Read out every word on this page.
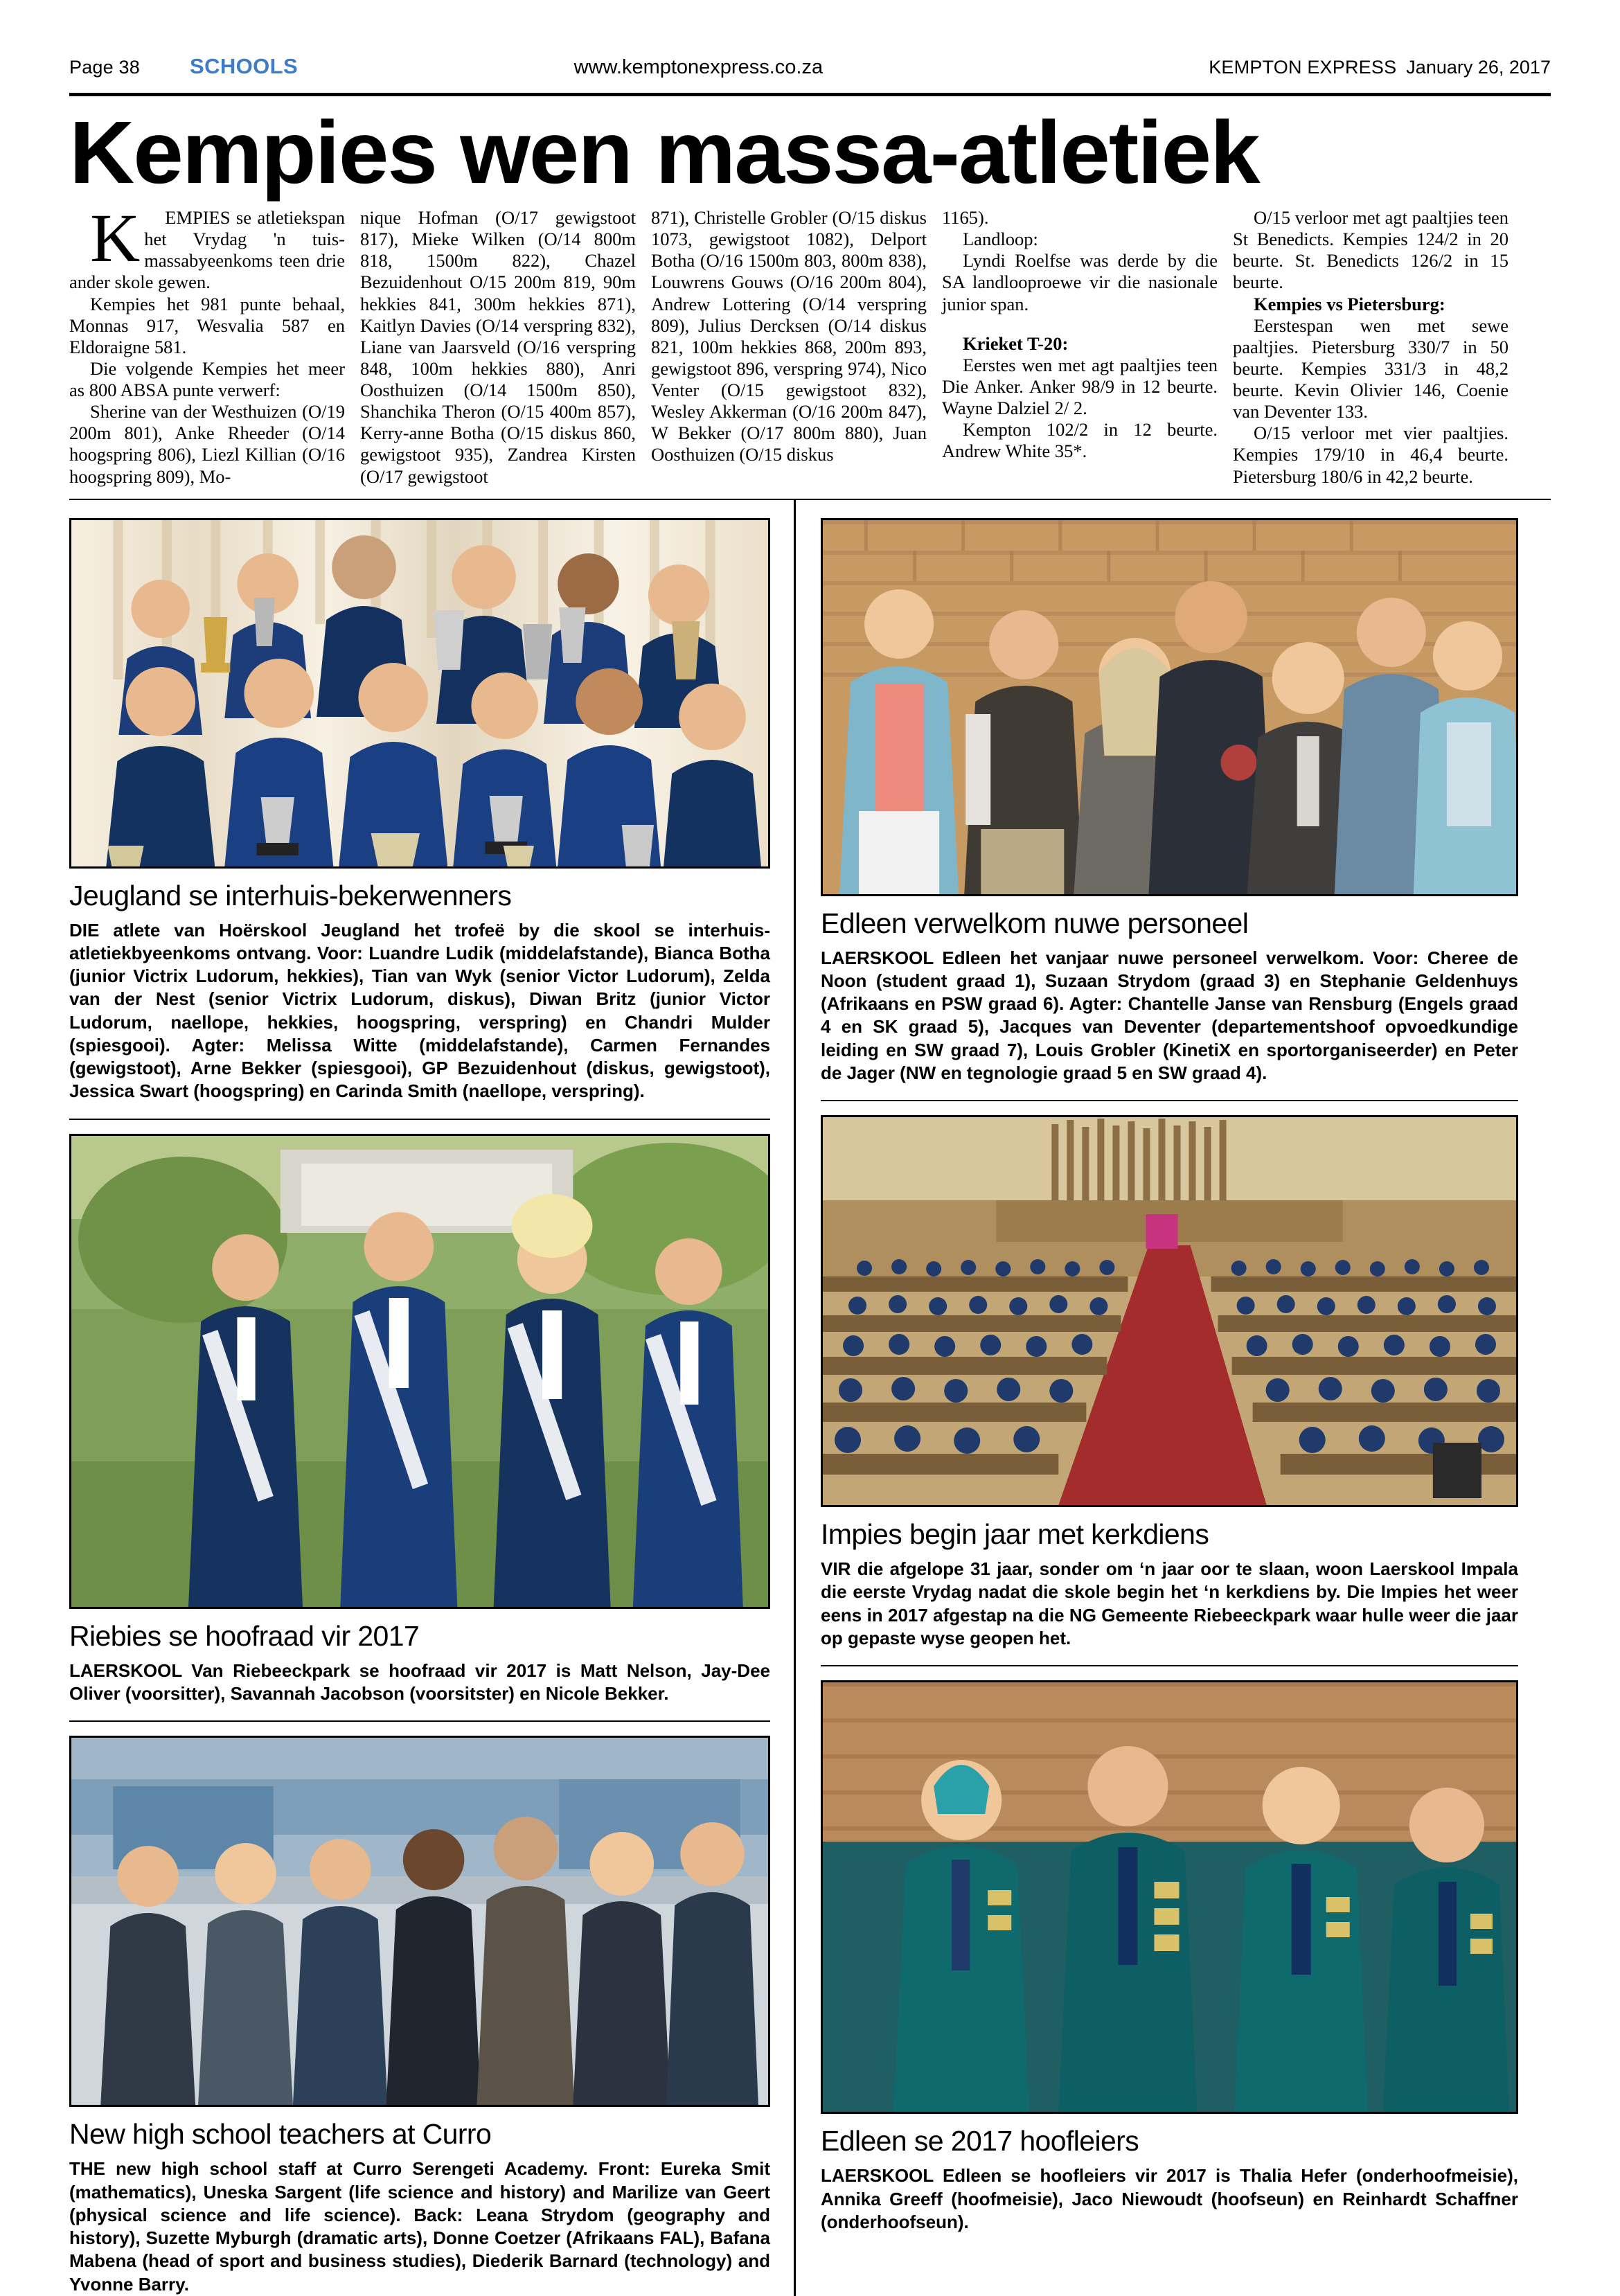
Page 38 SCHOOLS	www.kemptonexpress.co.za	KEMPTON EXPRESS January 26, 2017
Kempies wen massa-atletiek

KEMPIES se atletiekspan het Vrydag 'n tuis-massabyeenkoms teen drie ander skole gewen.

Kempies het 981 punte behaal, Monnas 917, Wesvalia 587 en Eldoraigne 581.

Die volgende Kempies het meer as 800 ABSA punte verwerf:

Sherine van der Westhuizen (O/19 200m 801), Anke Rheeder (O/14 hoogspring 806), Liezl Killian (O/16 hoogspring 809), Mo-

nique Hofman (O/17 gewigstoot 817), Mieke Wilken (O/14 800m 818, 1500m 822), Chazel Bezuidenhout O/15 200m 819, 90m hekkies 841, 300m hekkies 871), Kaitlyn Davies (O/14 verspring 832), Liane van Jaarsveld (O/16 verspring 848, 100m hekkies 880), Anri Oosthuizen (O/14 1500m 850), Shanchika Theron (O/15 400m 857), Kerry-anne Botha (O/15 diskus 860, gewigstoot 935), Zandrea Kirsten (O/17 gewigstoot

871), Christelle Grobler (O/15 diskus 1073, gewigstoot 1082), Delport Botha (O/16 1500m 803, 800m 838), Louwrens Gouws (O/16 200m 804), Andrew Lottering (O/14 verspring 809), Julius Dercksen (O/14 diskus 821, 100m hekkies 868, 200m 893, gewigstoot 896, verspring 974), Nico Venter (O/15 gewigstoot 832), Wesley Akkerman (O/16 200m 847), W Bekker (O/17 800m 880), Juan Oosthuizen (O/15 diskus

1165).

Landloop:

Lyndi Roelfse was derde by die SA landlooproewe vir die nasionale junior span.

Krieket T-20:

Eerstes wen met agt paaltjies teen Die Anker. Anker 98/9 in 12 beurte. Wayne Dalziel 2/ 2.

Kempton 102/2 in 12 beurte. Andrew White 35*.

O/15 verloor met agt paaltjies teen St Benedicts. Kempies 124/2 in 20 beurte. St. Benedicts 126/2 in 15 beurte.

Kempies vs Pietersburg:

Eerstespan wen met sewe paaltjies. Pietersburg 330/7 in 50 beurte. Kempies 331/3 in 48,2 beurte. Kevin Olivier 146, Coenie van Deventer 133.

O/15 verloor met vier paaltjies. Kempies 179/10 in 46,4 beurte. Pietersburg 180/6 in 42,2 beurte.

Jeugland se interhuis-bekerwenners

DIE atlete van Hoërskool Jeugland het trofeë by die skool se interhuis-atletiekbyeenkoms ontvang. Voor: Luandre Ludik (middelafstande), Bianca Botha (junior Victrix Ludorum, hekkies), Tian van Wyk (senior Victor Ludorum), Zelda van der Nest (senior Victrix Ludorum, diskus), Diwan Britz (junior Victor Ludorum, naellope, hekkies, hoogspring, verspring) en Chandri Mulder (spiesgooi). Agter: Melissa Witte (middelafstande), Carmen Fernandes (gewigstoot), Arne Bekker (spiesgooi), GP Bezuidenhout (diskus, gewigstoot), Jessica Swart (hoogspring) en Carinda Smith (naellope, verspring).

Riebies se hoofraad vir 2017

LAERSKOOL Van Riebeeckpark se hoofraad vir 2017 is Matt Nelson, Jay-Dee Oliver (voorsitter), Savannah Jacobson (voorsitster) en Nicole Bekker.

New high school teachers at Curro

THE new high school staff at Curro Serengeti Academy. Front: Eureka Smit (mathematics), Uneska Sargent (life science and history) and Marilize van Geert (physical science and life science). Back: Leana Strydom (geography and history), Suzette Myburgh (dramatic arts), Donne Coetzer (Afrikaans FAL), Bafana Mabena (head of sport and business studies), Diederik Barnard (technology) and Yvonne Barry.

Edleen verwelkom nuwe personeel

LAERSKOOL Edleen het vanjaar nuwe personeel verwelkom. Voor: Cheree de Noon (student graad 1), Suzaan Strydom (graad 3) en Stephanie Geldenhuys (Afrikaans en PSW graad 6). Agter: Chantelle Janse van Rensburg (Engels graad 4 en SK graad 5), Jacques van Deventer (departementshoof opvoedkundige leiding en SW graad 7), Louis Grobler (KinetiX en sportorganiseerder) en Peter de Jager (NW en tegnologie graad 5 en SW graad 4).

Impies begin jaar met kerkdiens

VIR die afgelope 31 jaar, sonder om ‘n jaar oor te slaan, woon Laerskool Impala die eerste Vrydag nadat die skole begin het ‘n kerkdiens by. Die Impies het weer eens in 2017 afgestap na die NG Gemeente Riebeeckpark waar hulle weer die jaar op gepaste wyse geopen het.

Edleen se 2017 hoofleiers

LAERSKOOL Edleen se hoofleiers vir 2017 is Thalia Hefer (onderhoofmeisie), Annika Greeff (hoofmeisie), Jaco Niewoudt (hoofseun) en Reinhardt Schaffner (onderhoofseun).
